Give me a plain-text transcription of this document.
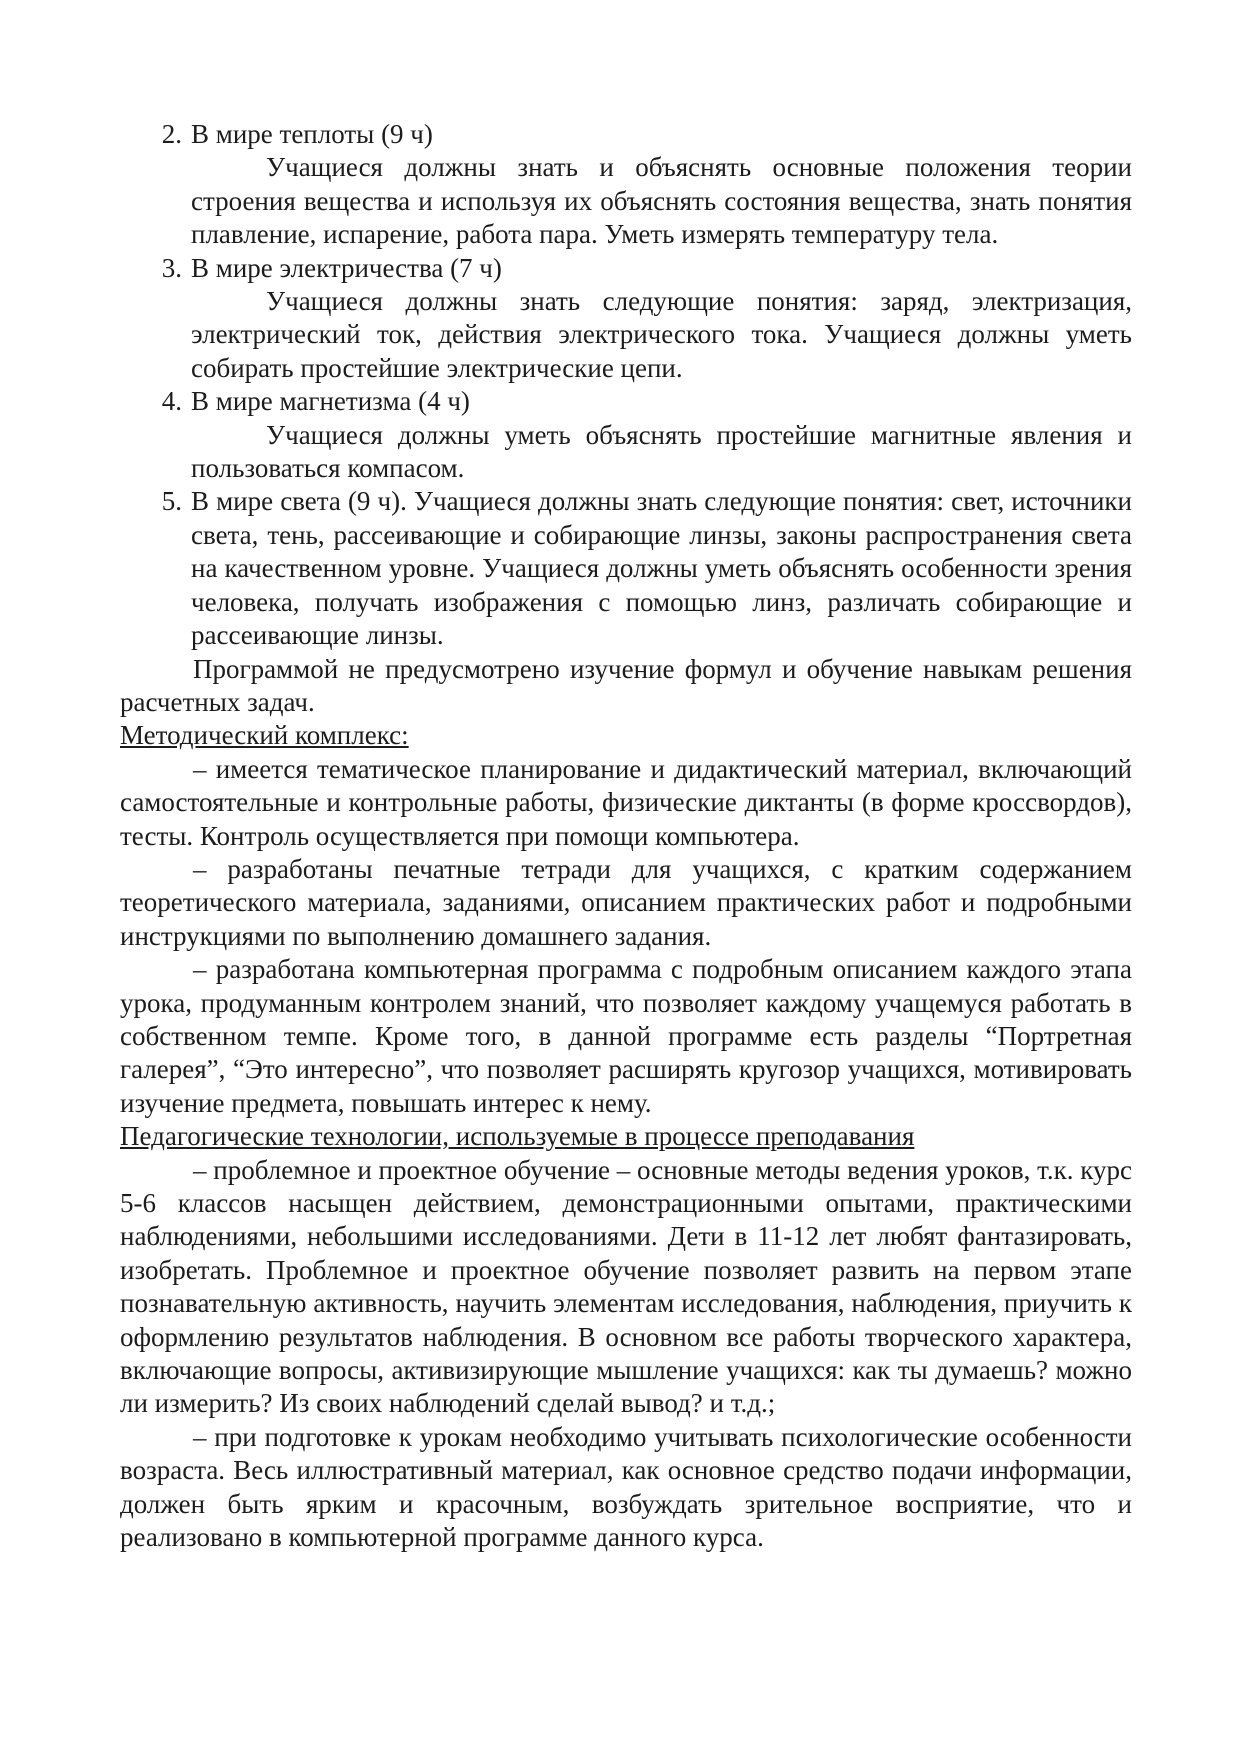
2. В мире теплоты (9 ч)

Учащиеся должны знать и объяснять основные положения теории строения вещества и используя их объяснять состояния вещества, знать понятия плавление, испарение, работа пара. Уметь измерять температуру тела.

3. В мире электричества (7 ч)

Учащиеся должны знать следующие понятия: заряд, электризация, электрический ток, действия электрического тока. Учащиеся должны уметь собирать простейшие электрические цепи.

4. В мире магнетизма (4 ч)

Учащиеся должны уметь объяснять простейшие магнитные явления и пользоваться компасом.

5. В мире света (9 ч). Учащиеся должны знать следующие понятия: свет, источники света, тень, рассеивающие и собирающие линзы, законы распространения света на качественном уровне. Учащиеся должны уметь объяснять особенности зрения человека, получать изображения с помощью линз, различать собирающие и рассеивающие линзы.

Программой не предусмотрено изучение формул и обучение навыкам решения расчетных задач.

Методический комплекс:

– имеется тематическое планирование и дидактический материал, включающий самостоятельные и контрольные работы, физические диктанты (в форме кроссвордов), тесты. Контроль осуществляется при помощи компьютера.

– разработаны печатные тетради для учащихся, с кратким содержанием теоретического материала, заданиями, описанием практических работ и подробными инструкциями по выполнению домашнего задания.

– разработана компьютерная программа с подробным описанием каждого этапа урока, продуманным контролем знаний, что позволяет каждому учащемуся работать в собственном темпе. Кроме того, в данной программе есть разделы “Портретная галерея”, “Это интересно”, что позволяет расширять кругозор учащихся, мотивировать изучение предмета, повышать интерес к нему.

Педагогические технологии, используемые в процессе преподавания

– проблемное и проектное обучение – основные методы ведения уроков, т.к. курс 5-6 классов насыщен действием, демонстрационными опытами, практическими наблюдениями, небольшими исследованиями. Дети в 11-12 лет любят фантазировать, изобретать. Проблемное и проектное обучение позволяет развить на первом этапе познавательную активность, научить элементам исследования, наблюдения, приучить к оформлению результатов наблюдения. В основном все работы творческого характера, включающие вопросы, активизирующие мышление учащихся: как ты думаешь? можно ли измерить? Из своих наблюдений сделай вывод? и т.д.;

– при подготовке к урокам необходимо учитывать психологические особенности возраста. Весь иллюстративный материал, как основное средство подачи информации, должен быть ярким и красочным, возбуждать зрительное восприятие, что и реализовано в компьютерной программе данного курса.
